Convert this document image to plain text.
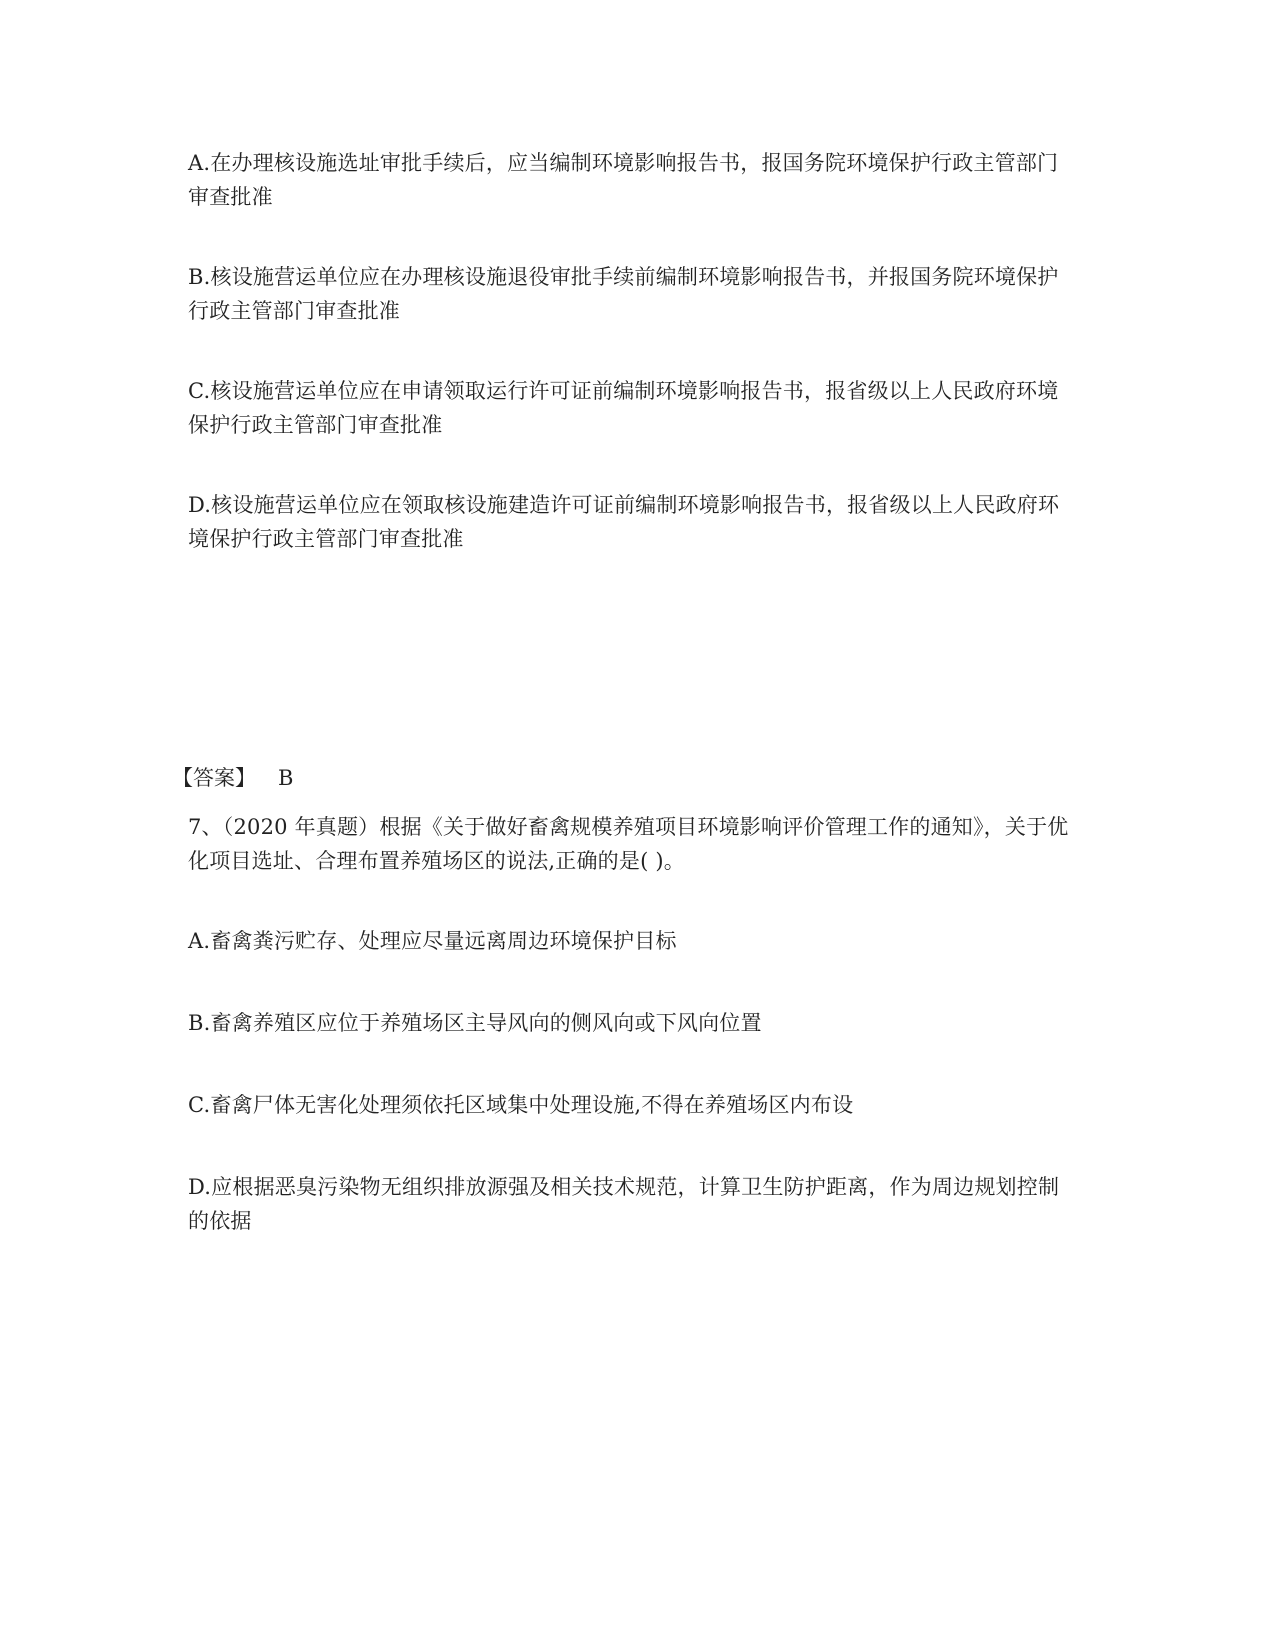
A.在办理核设施选址审批手续后，应当编制环境影响报告书，报国务院环境保护行政主管部门审查批准

B.核设施营运单位应在办理核设施退役审批手续前编制环境影响报告书，并报国务院环境保护行政主管部门审查批准

C.核设施营运单位应在申请领取运行许可证前编制环境影响报告书，报省级以上人民政府环境保护行政主管部门审查批准

D.核设施营运单位应在领取核设施建造许可证前编制环境影响报告书，报省级以上人民政府环境保护行政主管部门审查批准

【答案】 B

7、（2020 年真题）根据《关于做好畜禽规模养殖项目环境影响评价管理工作的通知》，关于优化项目选址、合理布置养殖场区的说法,正确的是( )。

A.畜禽粪污贮存、处理应尽量远离周边环境保护目标

B.畜禽养殖区应位于养殖场区主导风向的侧风向或下风向位置

C.畜禽尸体无害化处理须依托区域集中处理设施,不得在养殖场区内布设

D.应根据恶臭污染物无组织排放源强及相关技术规范，计算卫生防护距离，作为周边规划控制的依据
